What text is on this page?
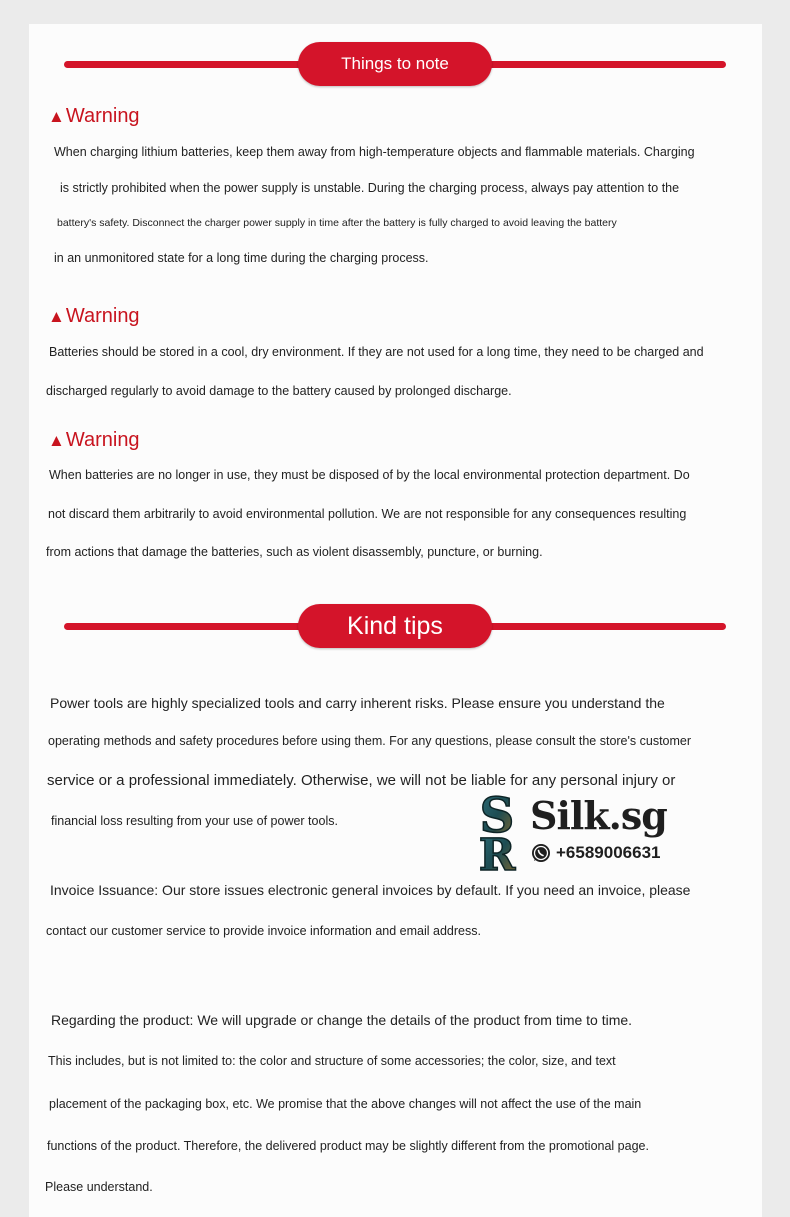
Things to note
▲Warning
When charging lithium batteries, keep them away from high-temperature objects and flammable materials. Charging
is strictly prohibited when the power supply is unstable. During the charging process, always pay attention to the
battery's safety. Disconnect the charger power supply in time after the battery is fully charged to avoid leaving the battery
in an unmonitored state for a long time during the charging process.
▲Warning
Batteries should be stored in a cool, dry environment. If they are not used for a long time, they need to be charged and
discharged regularly to avoid damage to the battery caused by prolonged discharge.
▲Warning
When batteries are no longer in use, they must be disposed of by the local environmental protection department. Do
not discard them arbitrarily to avoid environmental pollution. We are not responsible for any consequences resulting
from actions that damage the batteries, such as violent disassembly, puncture, or burning.
Kind tips
Power tools are highly specialized tools and carry inherent risks. Please ensure you understand the
operating methods and safety procedures before using them. For any questions, please consult the store's customer
service or a professional immediately. Otherwise, we will not be liable for any personal injury or
financial loss resulting from your use of power tools.	S
R
Silk.sg
+6589006631
Invoice Issuance: Our store issues electronic general invoices by default. If you need an invoice, please
contact our customer service to provide invoice information and email address.
Regarding the product: We will upgrade or change the details of the product from time to time.
This includes, but is not limited to: the color and structure of some accessories; the color, size, and text
placement of the packaging box, etc. We promise that the above changes will not affect the use of the main
functions of the product. Therefore, the delivered product may be slightly different from the promotional page.
Please understand.
